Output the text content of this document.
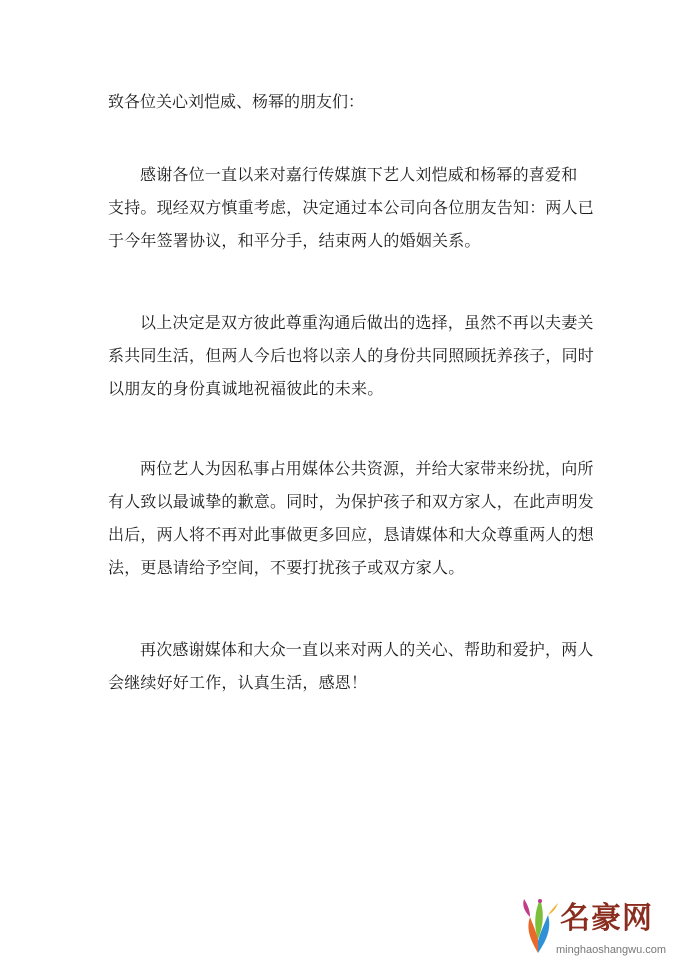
致各位关心刘恺威、杨幂的朋友们：
感谢各位一直以来对嘉行传媒旗下艺人刘恺威和杨幂的喜爱和
支持。现经双方慎重考虑，决定通过本公司向各位朋友告知：两人已
于今年签署协议，和平分手，结束两人的婚姻关系。
以上决定是双方彼此尊重沟通后做出的选择，虽然不再以夫妻关
系共同生活，但两人今后也将以亲人的身份共同照顾抚养孩子，同时
以朋友的身份真诚地祝福彼此的未来。
两位艺人为因私事占用媒体公共资源，并给大家带来纷扰，向所
有人致以最诚挚的歉意。同时，为保护孩子和双方家人，在此声明发
出后，两人将不再对此事做更多回应，恳请媒体和大众尊重两人的想
法，更恳请给予空间，不要打扰孩子或双方家人。
再次感谢媒体和大众一直以来对两人的关心、帮助和爱护，两人
会继续好好工作，认真生活，感恩！
名豪网
minghaoshangwu.com
